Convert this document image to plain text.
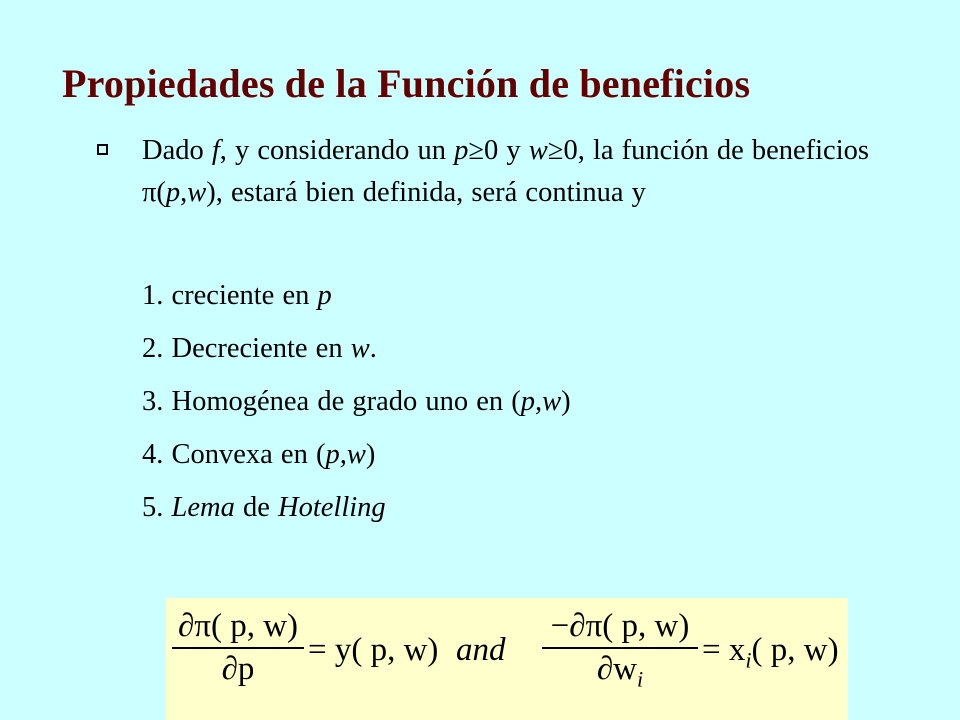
Propiedades de la Función de beneficios
Dado f, y considerando un p≥0 y w≥0, la función de beneficios π(p,w), estará bien definida, será continua y
1. creciente en p
2. Decreciente en w.
3. Homogénea de grado uno en (p,w)
4. Convexa en (p,w)
5. Lema de Hotelling
∂π( p, w)
∂p
= y( p, w) and
−∂π( p, w)
$\partial w_i$
= $x_i$( p, w)
